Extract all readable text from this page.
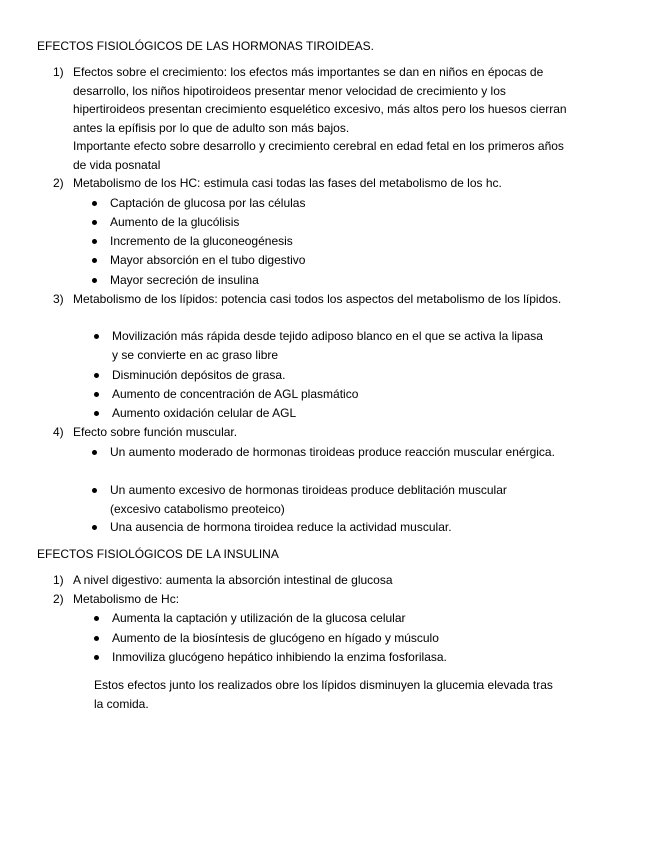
EFECTOS FISIOLÓGICOS DE LAS HORMONAS TIROIDEAS.
1) Efectos sobre el crecimiento: los efectos más importantes se dan en niños en épocas de desarrollo, los niños hipotiroideos presentar menor velocidad de crecimiento y los hipertiroideos presentan crecimiento esquelético excesivo, más altos pero los huesos cierran antes la epífisis por lo que de adulto son más bajos.
Importante efecto sobre desarrollo y crecimiento cerebral en edad fetal en los primeros años de vida posnatal
2) Metabolismo de los HC: estimula casi todas las fases del metabolismo de los hc.
Captación de glucosa por las células
Aumento de la glucólisis
Incremento de la gluconeogénesis
Mayor absorción en el tubo digestivo
Mayor secreción de insulina
3) Metabolismo de los lípidos: potencia casi todos los aspectos del metabolismo de los lípidos.
Movilización más rápida desde tejido adiposo blanco en el que se activa la lipasa y se convierte en ac graso libre
Disminución depósitos de grasa.
Aumento de concentración de AGL plasmático
Aumento oxidación celular de AGL
4) Efecto sobre función muscular.
Un aumento moderado de hormonas tiroideas produce reacción muscular enérgica.
Un aumento excesivo de hormonas tiroideas produce deblitación muscular (excesivo catabolismo preoteico)
Una ausencia de hormona tiroidea reduce la actividad muscular.
EFECTOS FISIOLÓGICOS DE LA INSULINA
1) A nivel digestivo: aumenta la absorción intestinal de glucosa
2) Metabolismo de Hc:
Aumenta la captación y utilización de la glucosa celular
Aumento de la biosíntesis de glucógeno en hígado y músculo
Inmoviliza glucógeno hepático inhibiendo la enzima fosforilasa.
Estos efectos junto los realizados obre los lípidos disminuyen la glucemia elevada tras la comida.
